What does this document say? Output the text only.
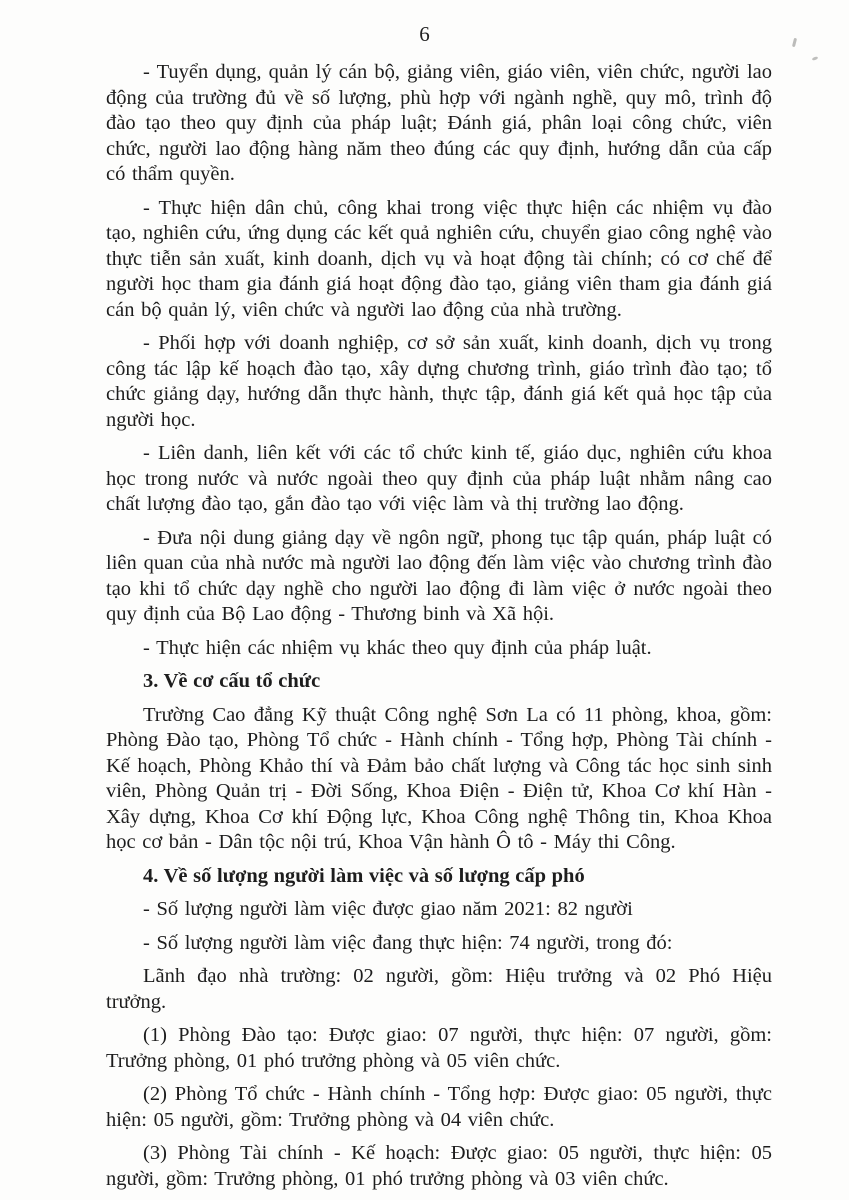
6

- Tuyển dụng, quản lý cán bộ, giảng viên, giáo viên, viên chức, người lao động của trường đủ về số lượng, phù hợp với ngành nghề, quy mô, trình độ đào tạo theo quy định của pháp luật; Đánh giá, phân loại công chức, viên chức, người lao động hàng năm theo đúng các quy định, hướng dẫn của cấp có thẩm quyền.

- Thực hiện dân chủ, công khai trong việc thực hiện các nhiệm vụ đào tạo, nghiên cứu, ứng dụng các kết quả nghiên cứu, chuyển giao công nghệ vào thực tiễn sản xuất, kinh doanh, dịch vụ và hoạt động tài chính; có cơ chế để người học tham gia đánh giá hoạt động đào tạo, giảng viên tham gia đánh giá cán bộ quản lý, viên chức và người lao động của nhà trường.

- Phối hợp với doanh nghiệp, cơ sở sản xuất, kinh doanh, dịch vụ trong công tác lập kế hoạch đào tạo, xây dựng chương trình, giáo trình đào tạo; tổ chức giảng dạy, hướng dẫn thực hành, thực tập, đánh giá kết quả học tập của người học.

- Liên danh, liên kết với các tổ chức kinh tế, giáo dục, nghiên cứu khoa học trong nước và nước ngoài theo quy định của pháp luật nhằm nâng cao chất lượng đào tạo, gắn đào tạo với việc làm và thị trường lao động.

- Đưa nội dung giảng dạy về ngôn ngữ, phong tục tập quán, pháp luật có liên quan của nhà nước mà người lao động đến làm việc vào chương trình đào tạo khi tổ chức dạy nghề cho người lao động đi làm việc ở nước ngoài theo quy định của Bộ Lao động - Thương binh và Xã hội.

- Thực hiện các nhiệm vụ khác theo quy định của pháp luật.

3. Về cơ cấu tổ chức

Trường Cao đẳng Kỹ thuật Công nghệ Sơn La có 11 phòng, khoa, gồm: Phòng Đào tạo, Phòng Tổ chức - Hành chính - Tổng hợp, Phòng Tài chính - Kế hoạch, Phòng Khảo thí và Đảm bảo chất lượng và Công tác học sinh sinh viên, Phòng Quản trị - Đời Sống, Khoa Điện - Điện tử, Khoa Cơ khí Hàn - Xây dựng, Khoa Cơ khí Động lực, Khoa Công nghệ Thông tin, Khoa Khoa học cơ bản - Dân tộc nội trú, Khoa Vận hành Ô tô - Máy thi Công.

4. Về số lượng người làm việc và số lượng cấp phó

- Số lượng người làm việc được giao năm 2021: 82 người

- Số lượng người làm việc đang thực hiện: 74 người, trong đó:

Lãnh đạo nhà trường: 02 người, gồm: Hiệu trưởng và 02 Phó Hiệu trưởng.

(1) Phòng Đào tạo: Được giao: 07 người, thực hiện: 07 người, gồm: Trưởng phòng, 01 phó trưởng phòng và 05 viên chức.

(2) Phòng Tổ chức - Hành chính - Tổng hợp: Được giao: 05 người, thực hiện: 05 người, gồm: Trưởng phòng và 04 viên chức.

(3) Phòng Tài chính - Kế hoạch: Được giao: 05 người, thực hiện: 05 người, gồm: Trưởng phòng, 01 phó trưởng phòng và 03 viên chức.
